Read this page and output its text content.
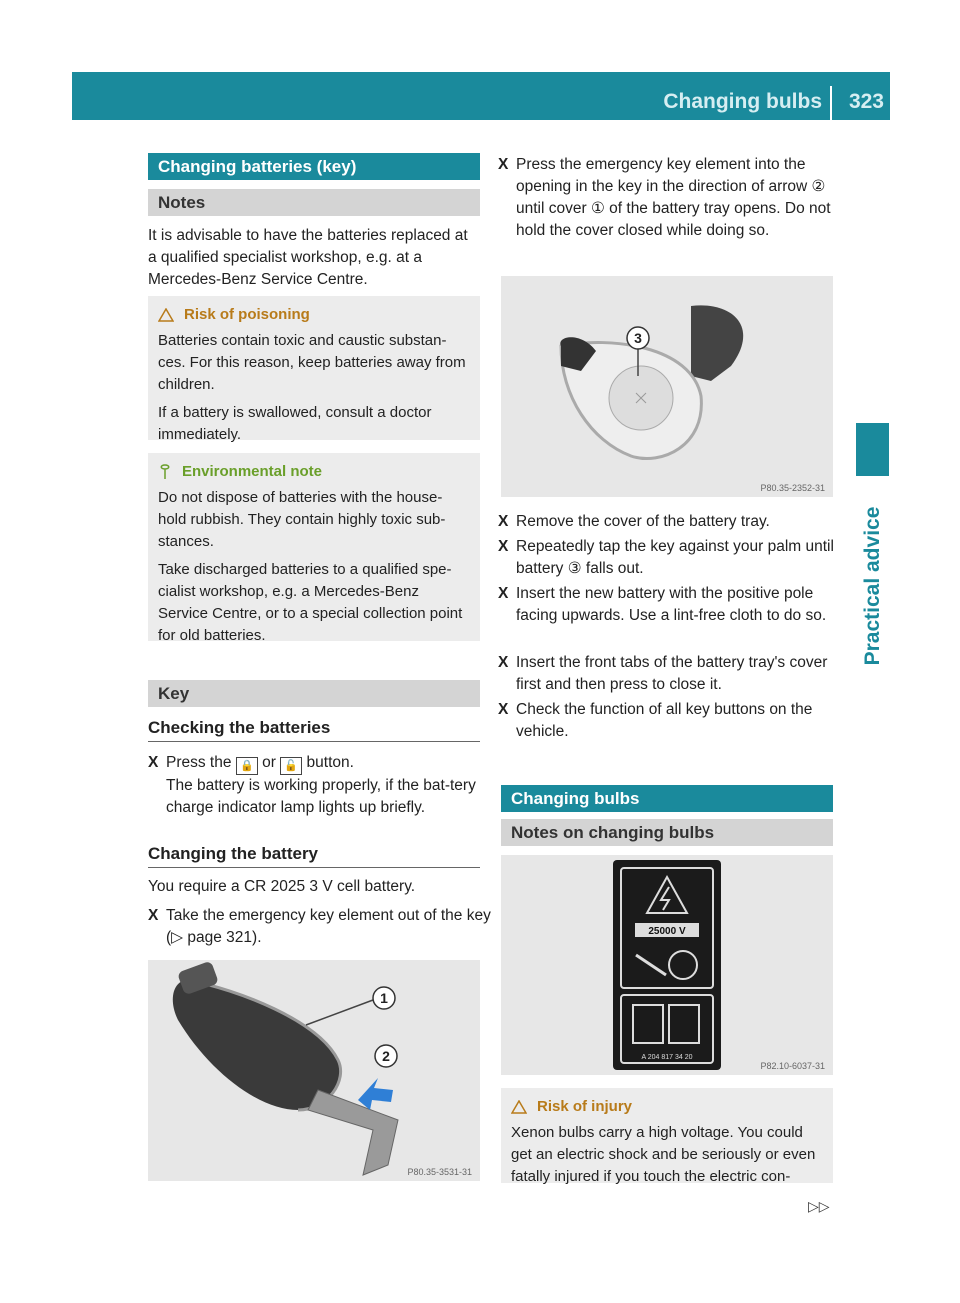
Changing bulbs 323
Practical advice
Changing batteries (key)
Notes

It is advisable to have the batteries replaced at a qualified specialist workshop, e.g. at a Mercedes-Benz Service Centre.

Risk of poisoning

Batteries contain toxic and caustic substan-ces. For this reason, keep batteries away from children.

If a battery is swallowed, consult a doctor immediately.

Environmental note

Do not dispose of batteries with the house-hold rubbish. They contain highly toxic sub-stances.

Take discharged batteries to a qualified spe-cialist workshop, e.g. a Mercedes-Benz Service Centre, or to a special collection point for old batteries.

Key
Checking the batteries
X Press the 🔒 or 🔓 button.
The battery is working properly, if the bat-tery charge indicator lamp lights up briefly.
Changing the battery

You require a CR 2025 3 V cell battery.

X Take the emergency key element out of the key (▷ page 321).
1
2
P80.35-3531-31
X Press the emergency key element into the opening in the key in the direction of arrow ② until cover ① of the battery tray opens. Do not hold the cover closed while doing so.
3
P80.35-2352-31
X Remove the cover of the battery tray.
X Repeatedly tap the key against your palm until battery ③ falls out.
X Insert the new battery with the positive pole facing upwards. Use a lint-free cloth to do so.
X Insert the front tabs of the battery tray's cover first and then press to close it.
X Check the function of all key buttons on the vehicle.
Changing bulbs
Notes on changing bulbs
25000 V
A 204 817 34 20
P82.10-6037-31
Risk of injury

Xenon bulbs carry a high voltage. You could get an electric shock and be seriously or even fatally injured if you touch the electric con-

▷▷
